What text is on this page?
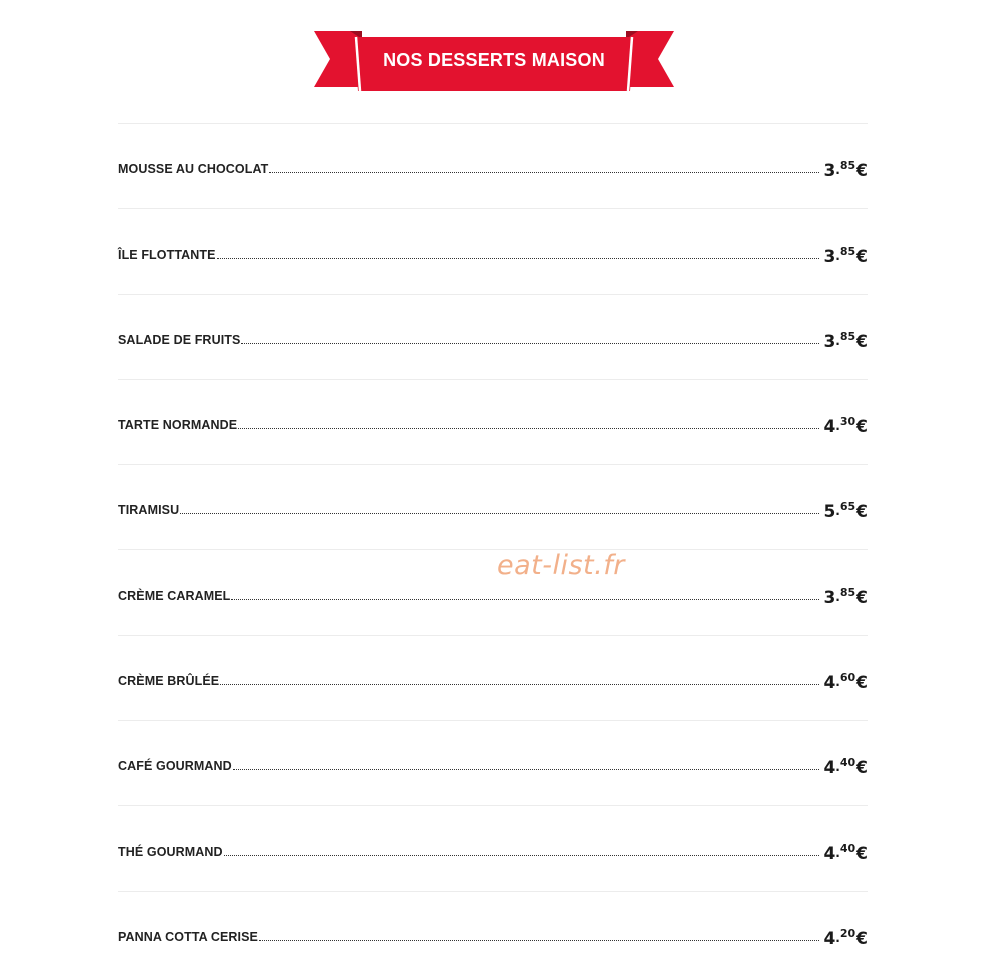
NOS DESSERTS MAISON
MOUSSE AU CHOCOLAT	3 . 85 €
ÎLE FLOTTANTE	3 . 85 €
SALADE DE FRUITS	3 . 85 €
TARTE NORMANDE	4 . 30 €
TIRAMISU	5 . 65 €
CRÈME CARAMEL	3 . 85 €
CRÈME BRÛLÉE	4 . 60 €
CAFÉ GOURMAND	4 . 40 €
THÉ GOURMAND	4 . 40 €
PANNA COTTA CERISE	4 . 20 €
eat-list.fr
